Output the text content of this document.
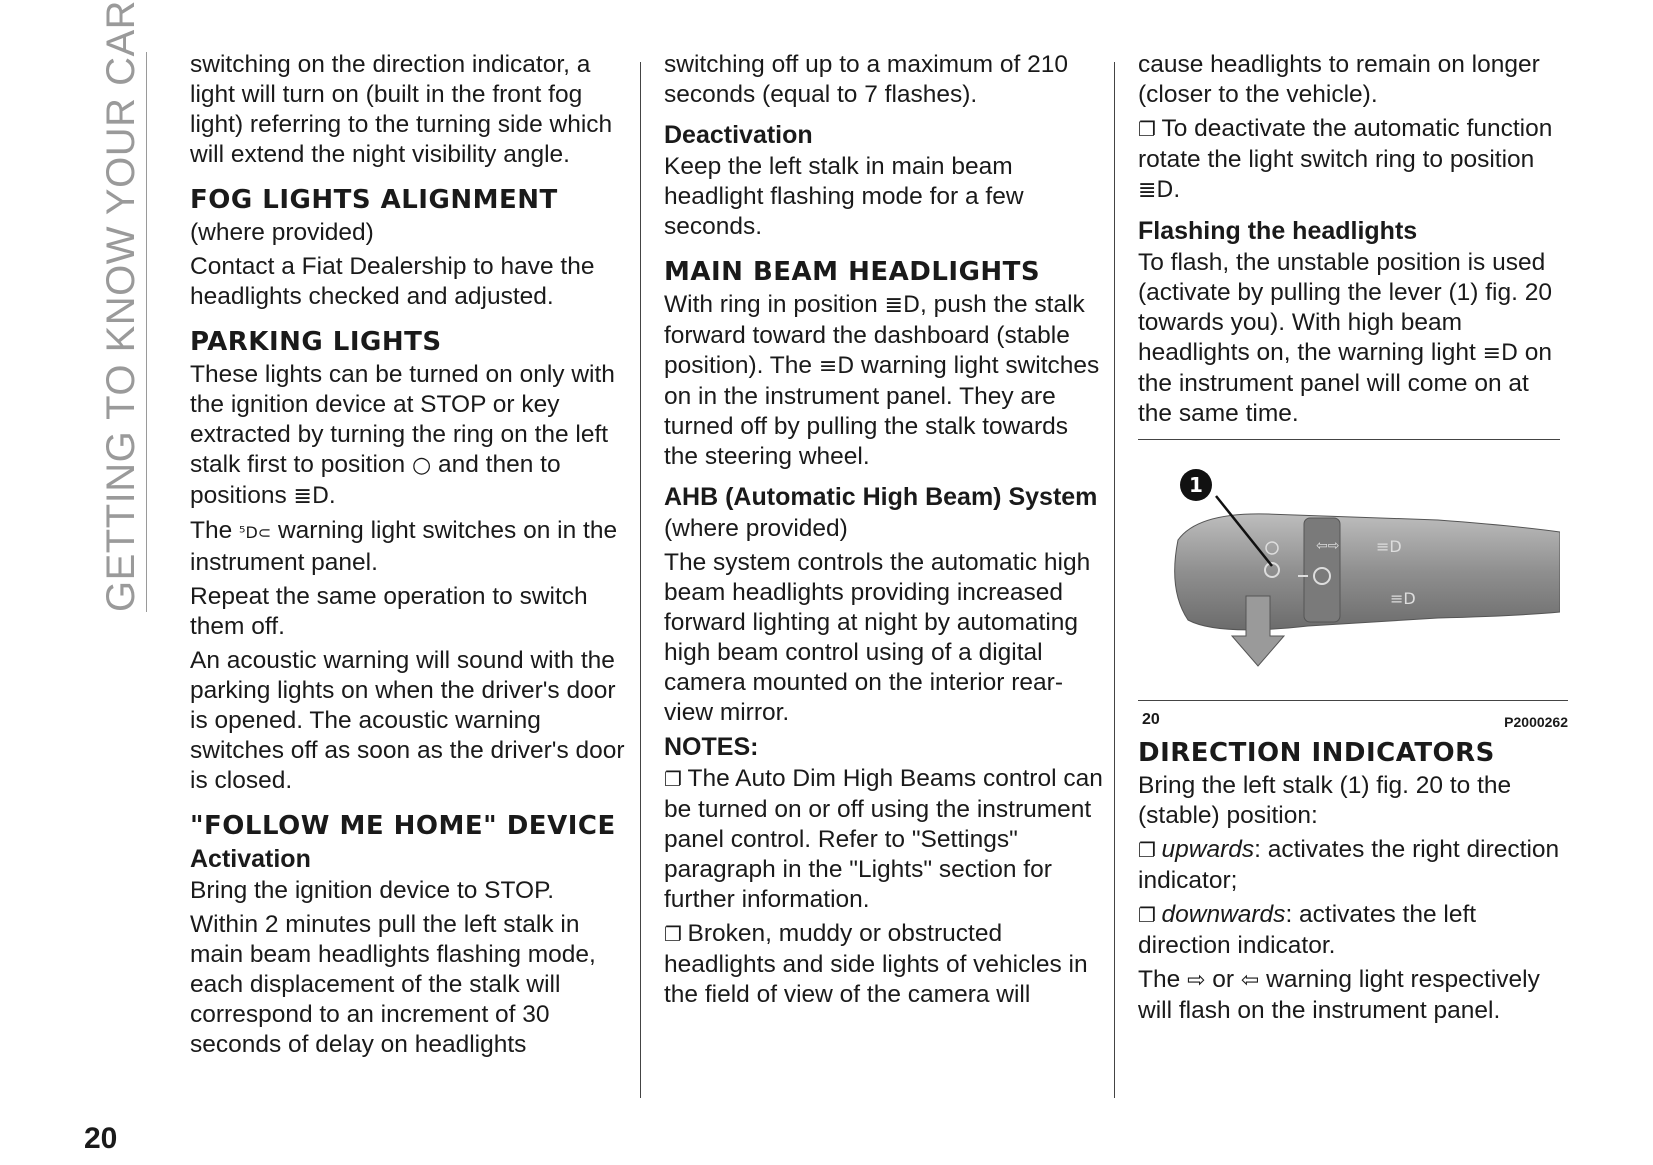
GETTING TO KNOW YOUR CAR switching on the direction indicator, a light will turn on (built in the front fog light) referring to the turning side which will extend the night visibility angle.

FOG LIGHTS ALIGNMENT

(where provided)

Contact a Fiat Dealership to have the headlights checked and adjusted.

PARKING LIGHTS

These lights can be turned on only with the ignition device at STOP or key extracted by turning the ring on the left stalk first to position ○ and then to positions ≣D.

The ⁵D⊂ warning light switches on in the instrument panel.

Repeat the same operation to switch them off.

An acoustic warning will sound with the parking lights on when the driver's door is opened. The acoustic warning switches off as soon as the driver's door is closed.

"FOLLOW ME HOME" DEVICE
Activation

Bring the ignition device to STOP.

Within 2 minutes pull the left stalk in main beam headlights flashing mode, each displacement of the stalk will correspond to an increment of 30 seconds of delay on headlights

switching off up to a maximum of 210 seconds (equal to 7 flashes).

Deactivation

Keep the left stalk in main beam headlight flashing mode for a few seconds.

MAIN BEAM HEADLIGHTS

With ring in position ≣D, push the stalk forward toward the dashboard (stable position). The ≡D warning light switches on in the instrument panel. They are turned off by pulling the stalk towards the steering wheel.

AHB (Automatic High Beam) System

(where provided)

The system controls the automatic high beam headlights providing increased forward lighting at night by automating high beam control using of a digital camera mounted on the interior rear-view mirror.

NOTES:

❐ The Auto Dim High Beams control can be turned on or off using the instrument panel control. Refer to "Settings" paragraph in the "Lights" section for further information.

❐ Broken, muddy or obstructed headlights and side lights of vehicles in the field of view of the camera will

cause headlights to remain on longer (closer to the vehicle).

❐ To deactivate the automatic function rotate the light switch ring to position ≣D.

Flashing the headlights

To flash, the unstable position is used (activate by pulling the lever (1) fig. 20 towards you). With high beam headlights on, the warning light ≡D on the instrument panel will come on at the same time.

⇦⇨ ≡D
≡D
1
20	P2000262
DIRECTION INDICATORS

Bring the left stalk (1) fig. 20 to the (stable) position:

❐ upwards: activates the right direction indicator;

❐ downwards: activates the left direction indicator.

The ⇨ or ⇦ warning light respectively will flash on the instrument panel.

20
